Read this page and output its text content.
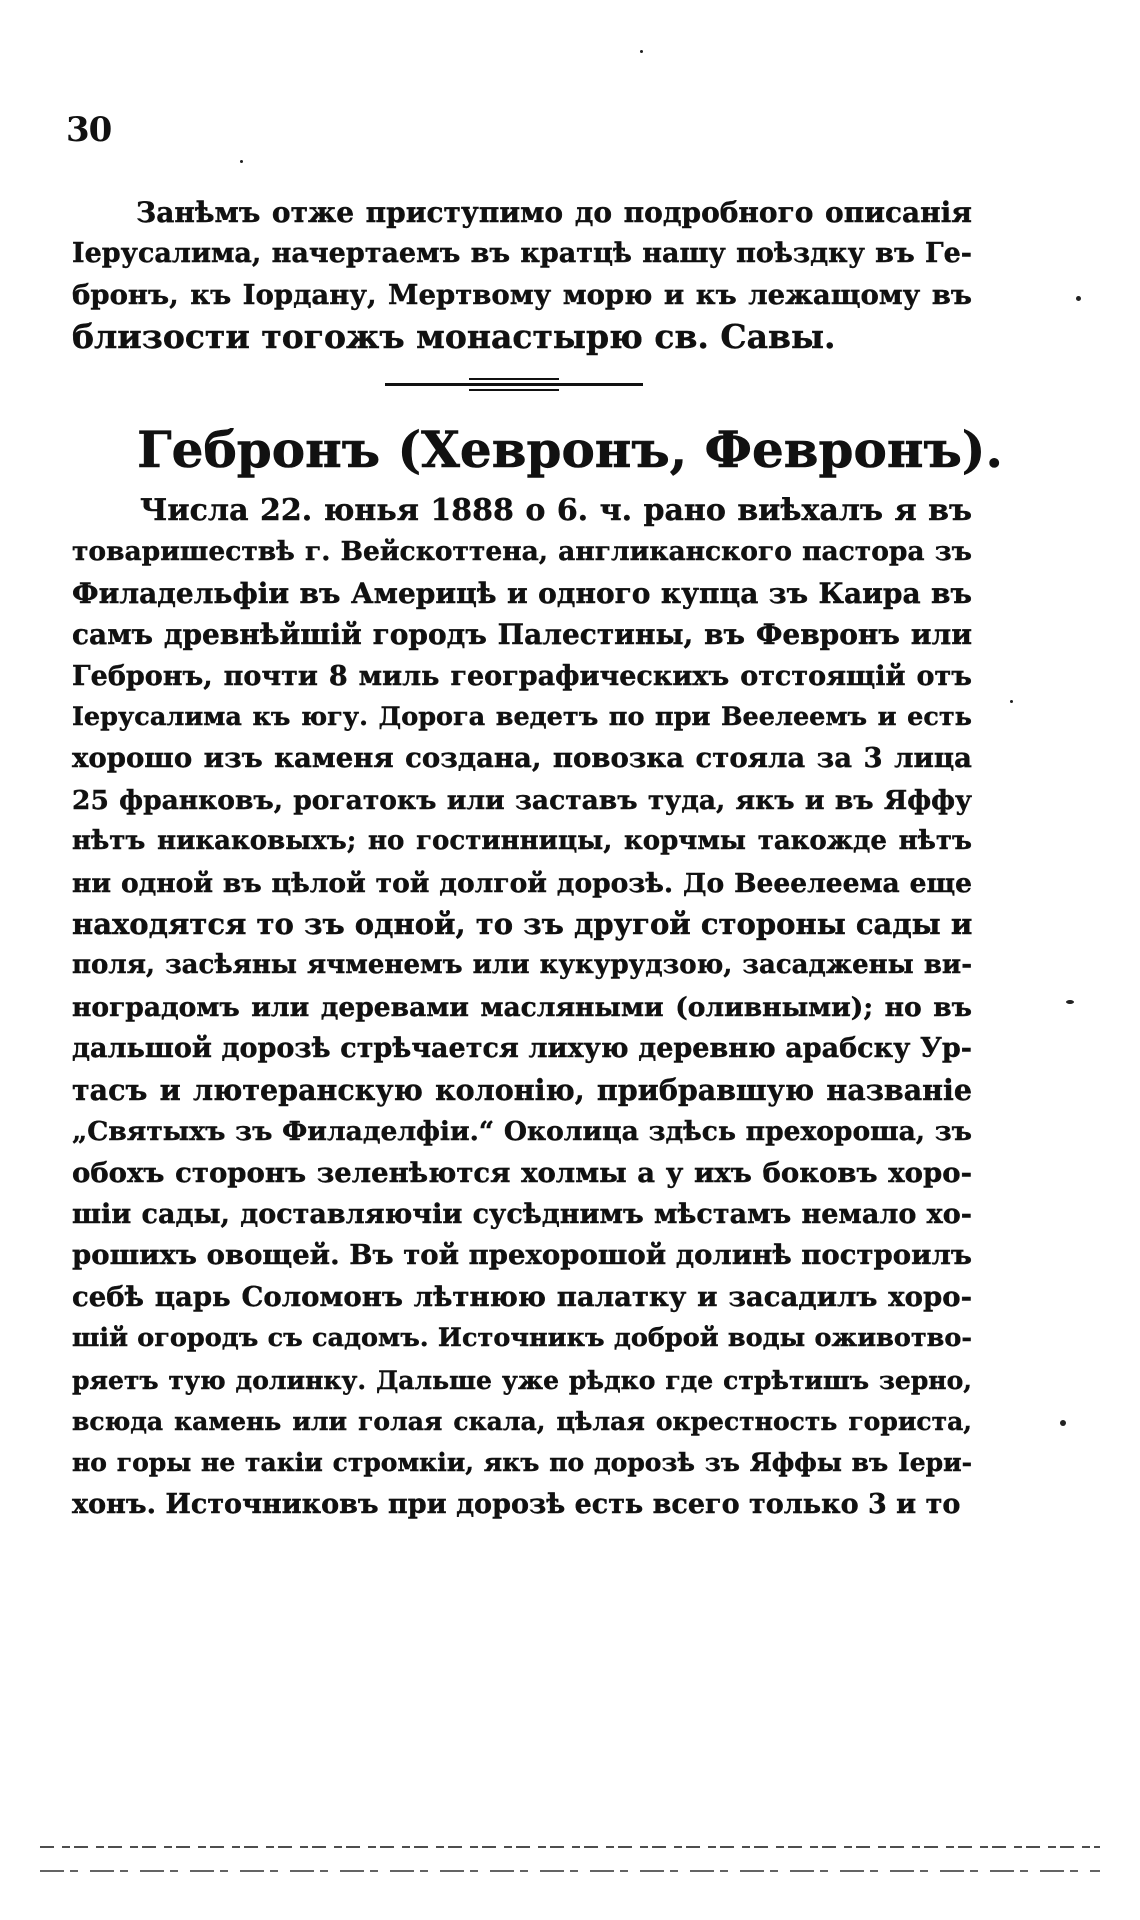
30
Занѣмъ отже приступимо до подробного описанія
Іерусалима, начертаемъ въ кратцѣ нашу поѣздку въ Ге-
бронъ, къ Іордану, Мертвому морю и къ лежащому въ
близости тогожъ монастырю св. Савы.
Гебронъ (Хевронъ, Февронъ).
Числа 22. юнья 1888 о 6. ч. рано виѣхалъ я въ
товаришествѣ г. Вейскоттена, англиканского пастора зъ
Филадельфіи въ Америцѣ и одного купца зъ Каира въ
самъ древнѣйшій городъ Палестины, въ Февронъ или
Гебронъ, почти 8 миль географическихъ отстоящій отъ
Іерусалима къ югу. Дорога ведетъ по при Веелеемъ и есть
хорошо изъ каменя создана, повозка стояла за 3 лица
25 франковъ, рогатокъ или заставъ туда, якъ и въ Яффу
нѣтъ никаковыхъ; но гостинницы, корчмы такожде нѣтъ
ни одной въ цѣлой той долгой дорозѣ. До Вееелеема еще
находятся то зъ одной, то зъ другой стороны сады и
поля, засѣяны ячменемъ или кукурудзою, засаджены ви-
ноградомъ или деревами масляными (оливными); но въ
дальшой дорозѣ стрѣчается лихую деревню арабску Ур-
тасъ и лютеранскую колонію, прибравшую названіе
„Святыхъ зъ Филаделфіи.“ Околица здѣсь прехороша, зъ
обохъ сторонъ зеленѣются холмы а у ихъ боковъ хоро-
шіи сады, доставляючіи сусѣднимъ мѣстамъ немало хо-
рошихъ овощей. Въ той прехорошой долинѣ построилъ
себѣ царь Соломонъ лѣтнюю палатку и засадилъ хоро-
шій огородъ съ садомъ. Источникъ доброй воды оживотво-
ряетъ тую долинку. Дальше уже рѣдко где стрѣтишъ зерно,
всюда камень или голая скала, цѣлая окрестность гориста,
но горы не такіи стромкіи, якъ по дорозѣ зъ Яффы въ Іери-
хонъ. Источниковъ при дорозѣ есть всего только 3 и то
